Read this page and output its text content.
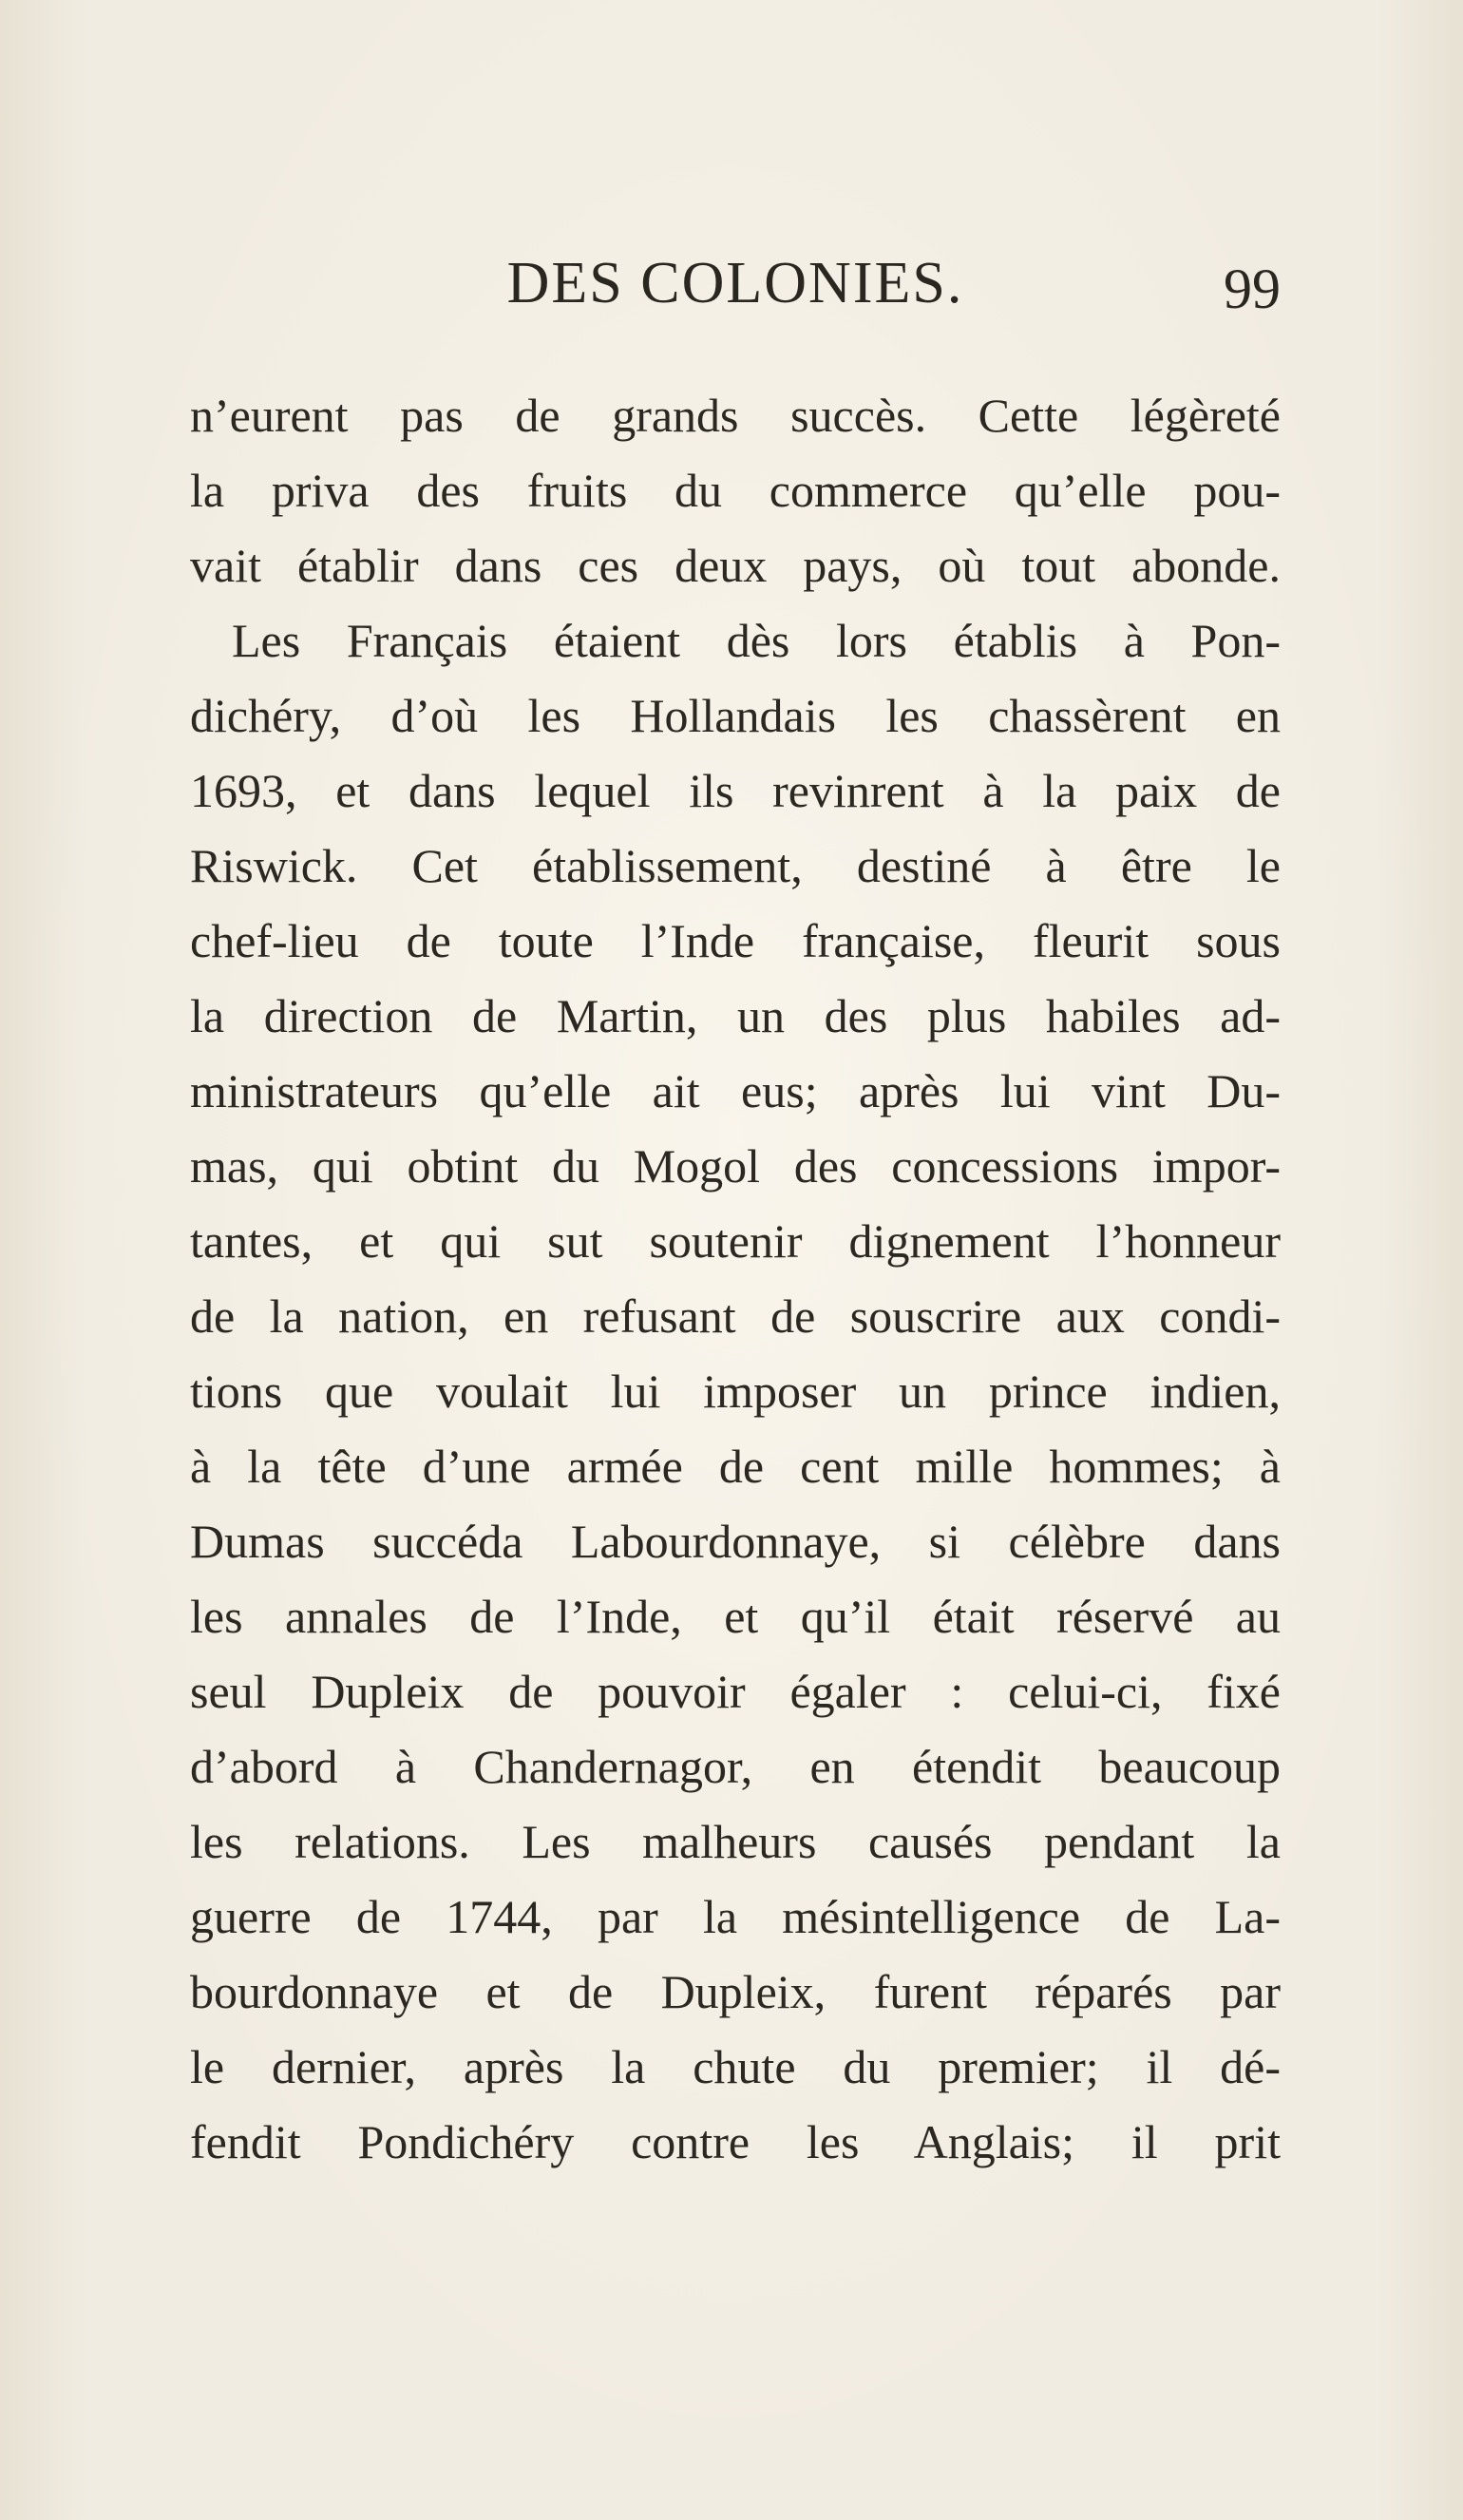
DES COLONIES.	99
n’eurent pas de grands succès. Cette légèreté
la priva des fruits du commerce qu’elle pou-
vait établir dans ces deux pays, où tout abonde.
Les Français étaient dès lors établis à Pon-
dichéry, d’où les Hollandais les chassèrent en
1693, et dans lequel ils revinrent à la paix de
Riswick. Cet établissement, destiné à être le
chef-lieu de toute l’Inde française, fleurit sous
la direction de Martin, un des plus habiles ad-
ministrateurs qu’elle ait eus; après lui vint Du-
mas, qui obtint du Mogol des concessions impor-
tantes, et qui sut soutenir dignement l’honneur
de la nation, en refusant de souscrire aux condi-
tions que voulait lui imposer un prince indien,
à la tête d’une armée de cent mille hommes; à
Dumas succéda Labourdonnaye, si célèbre dans
les annales de l’Inde, et qu’il était réservé au
seul Dupleix de pouvoir égaler : celui-ci, fixé
d’abord à Chandernagor, en étendit beaucoup
les relations. Les malheurs causés pendant la
guerre de 1744, par la mésintelligence de La-
bourdonnaye et de Dupleix, furent réparés par
le dernier, après la chute du premier; il dé-
fendit Pondichéry contre les Anglais; il prit
